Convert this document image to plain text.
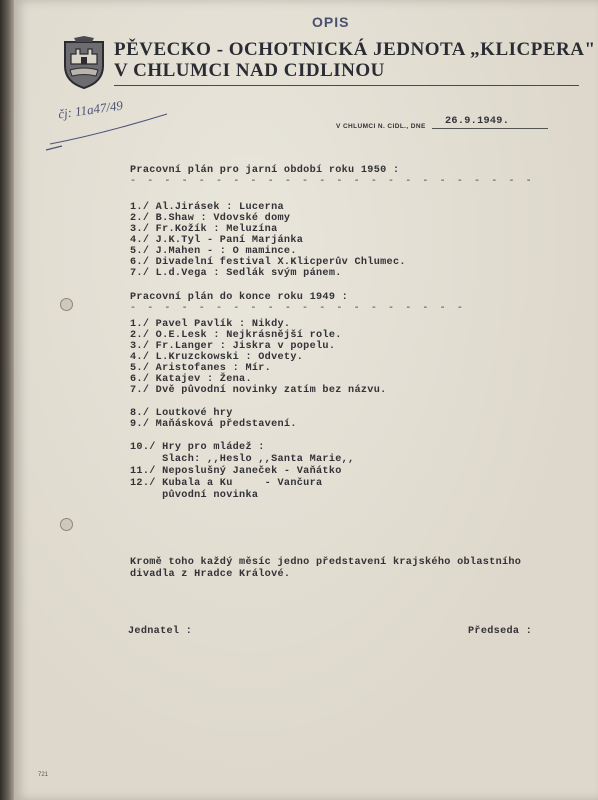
OPIS
PĚVECKO - OCHOTNICKÁ JEDNOTA „KLICPERA"
V CHLUMCI NAD CIDLINOU
čj: 11a47/49
V CHLUMCI N. CIDL., DNE 26.9.1949.
Pracovní plán pro jarní období roku 1950 :
- - - - - - - - - - - - - - - - - - - - - - - -
1./ Al.Jirásek : Lucerna
2./ B.Shaw : Vdovské domy
3./ Fr.Kožík : Meluzína
4./ J.K.Tyl - Paní Marjánka
5./ J.Mahen - : O mamince.
6./ Divadelní festival X.Klicperův Chlumec.
7./ L.d.Vega : Sedlák svým pánem.
Pracovní plán do konce roku 1949 :
- - - - - - - - - - - - - - - - - - - -
1./ Pavel Pavlík : Nikdy.
2./ O.E.Lesk : Nejkrásnější role.
3./ Fr.Langer : Jiskra v popelu.
4./ L.Kruzckowski : Odvety.
5./ Aristofanes : Mír.
6./ Katajev : Žena.
7./ Dvě původní novinky zatím bez názvu.
8./ Loutkové hry
9./ Maňásková představení.
10./ Hry pro mládež :
Slach: ,,Heslo ,,Santa Marie,,
11./ Neposlušný Janeček - Vaňátko
12./ Kubala a Ku     - Vančura
původní novinka
Kromě toho každý měsíc jedno představení krajského oblastního
divadla z Hradce Králové.
Jednatel :	Předseda :
721
